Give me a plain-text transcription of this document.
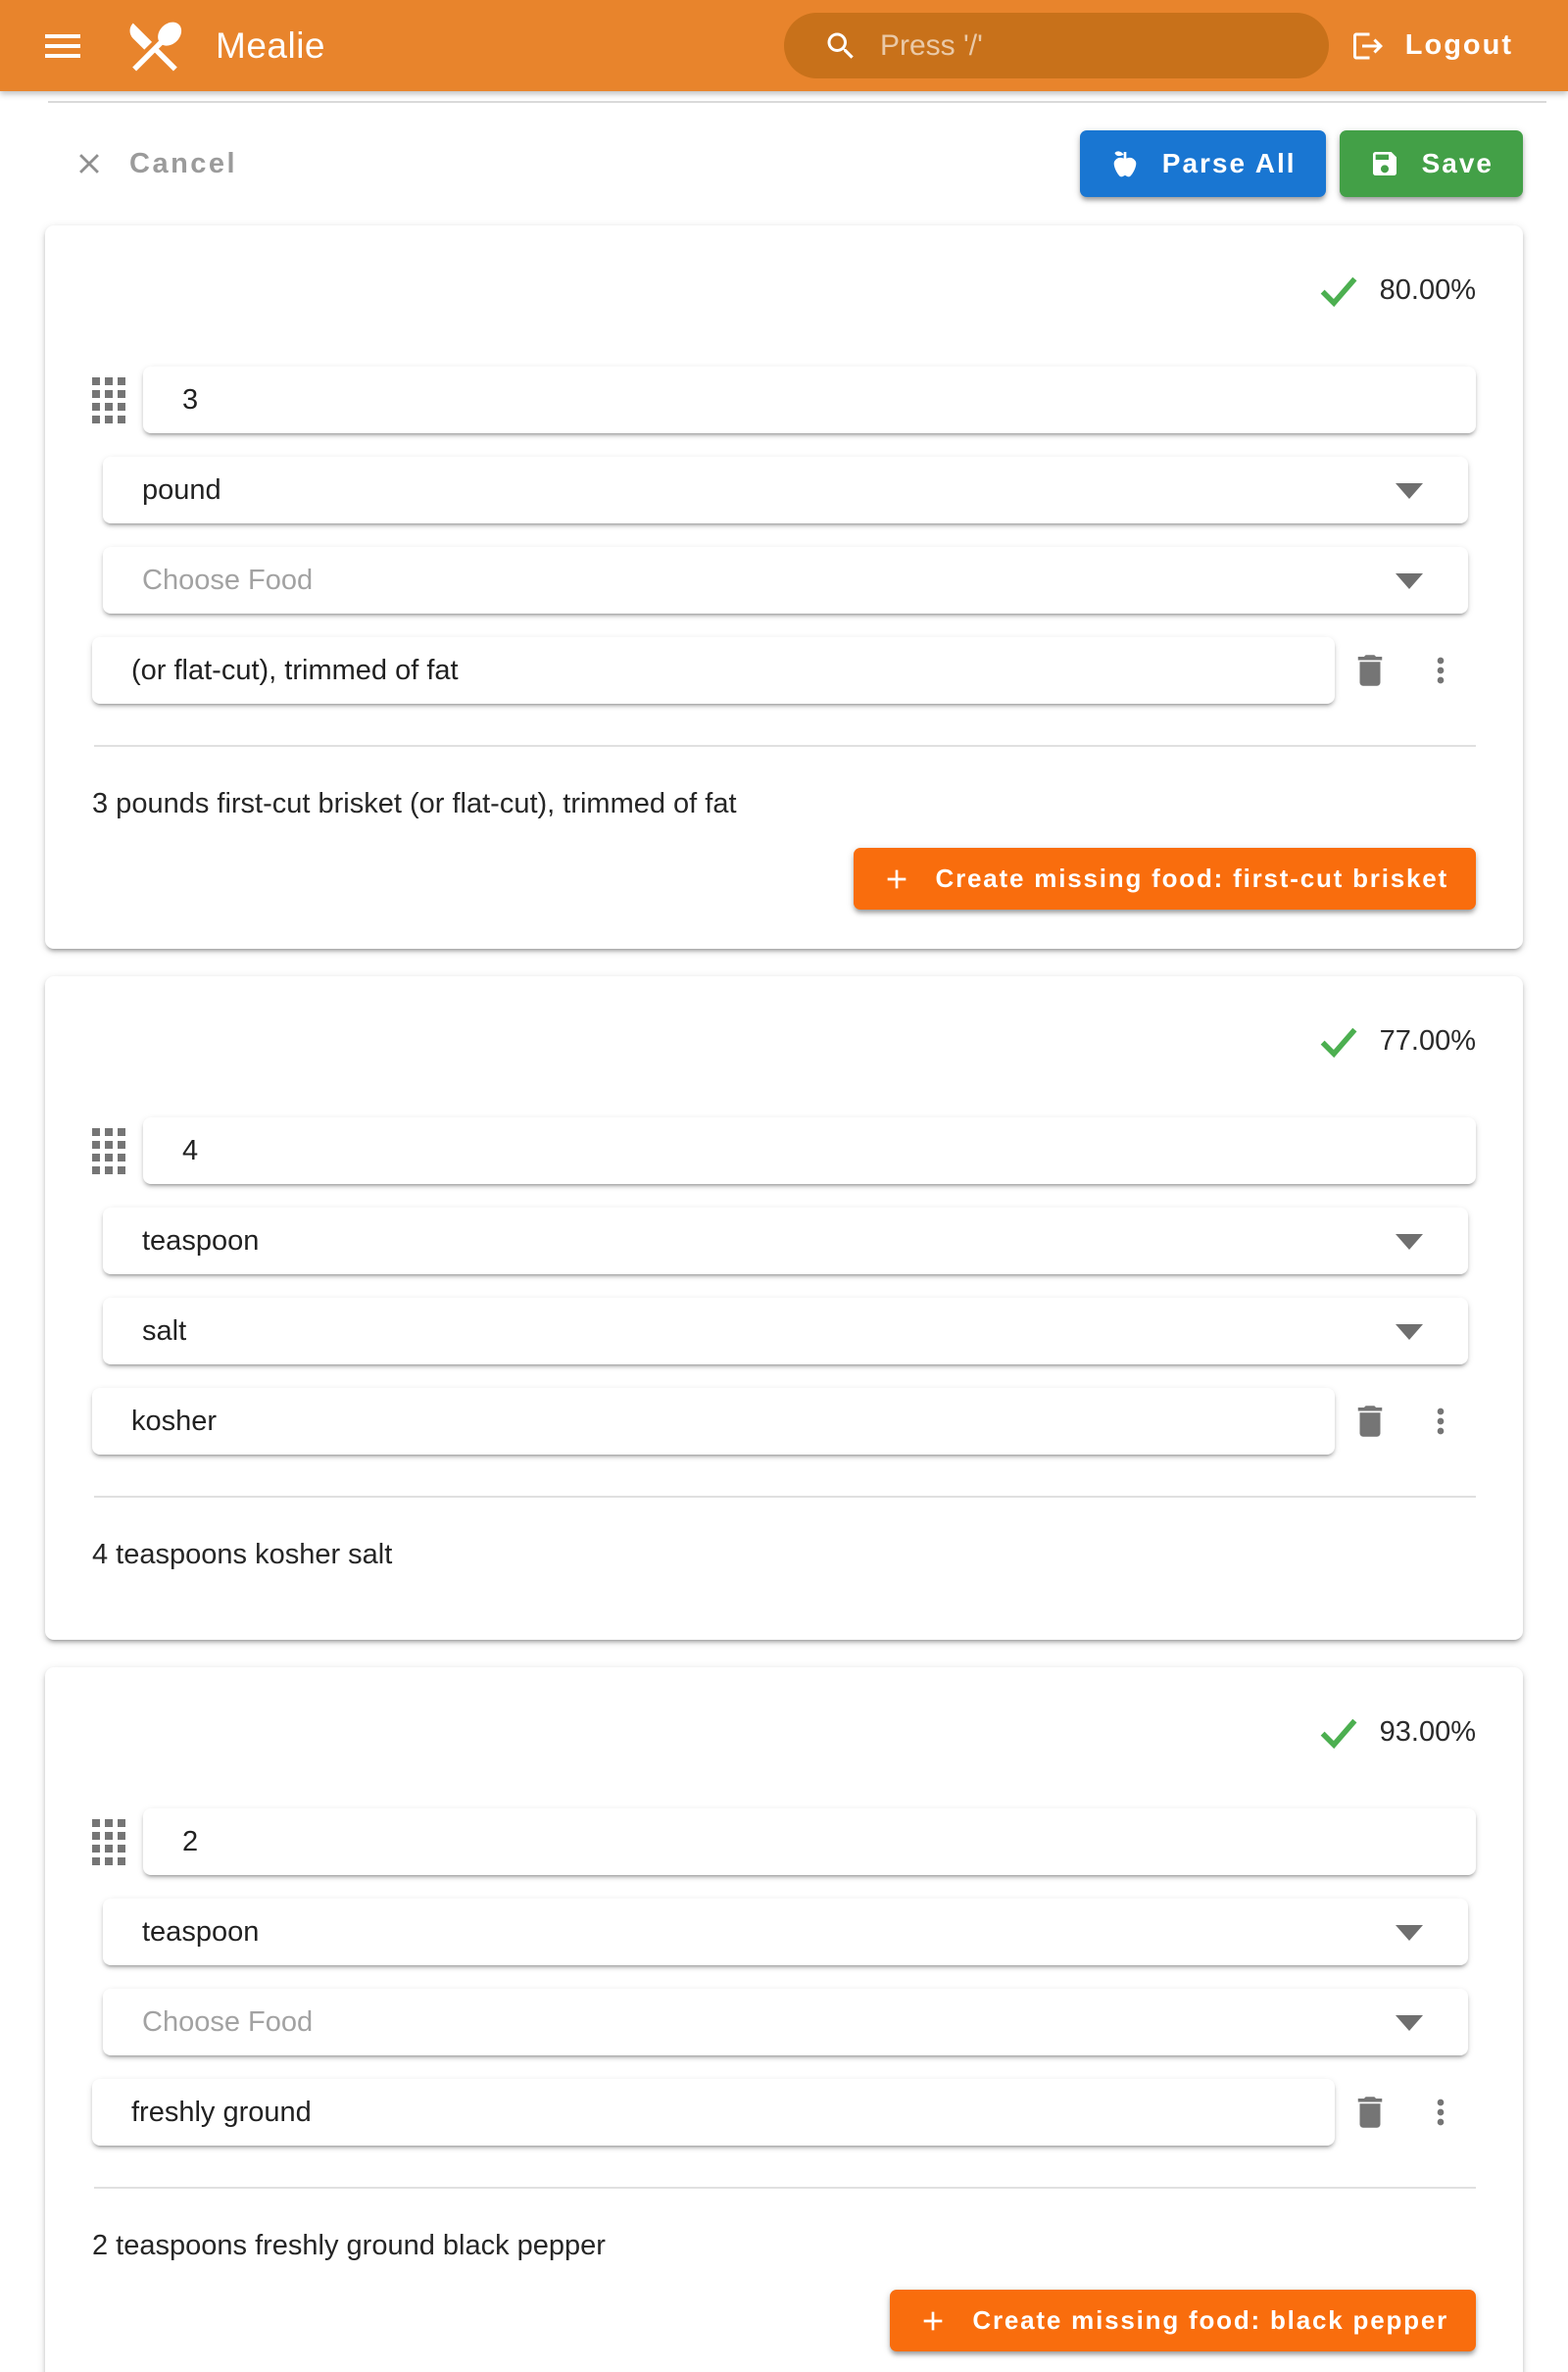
Mealie
Press '/'	Logout
Cancel	Parse All	Save
80.00%
3
pound
Choose Food
(or flat-cut), trimmed of fat
3 pounds first-cut brisket (or flat-cut), trimmed of fat
Create missing food: first-cut brisket
77.00%
4
teaspoon
salt
kosher
4 teaspoons kosher salt
93.00%
2
teaspoon
Choose Food
freshly ground
2 teaspoons freshly ground black pepper
Create missing food: black pepper
